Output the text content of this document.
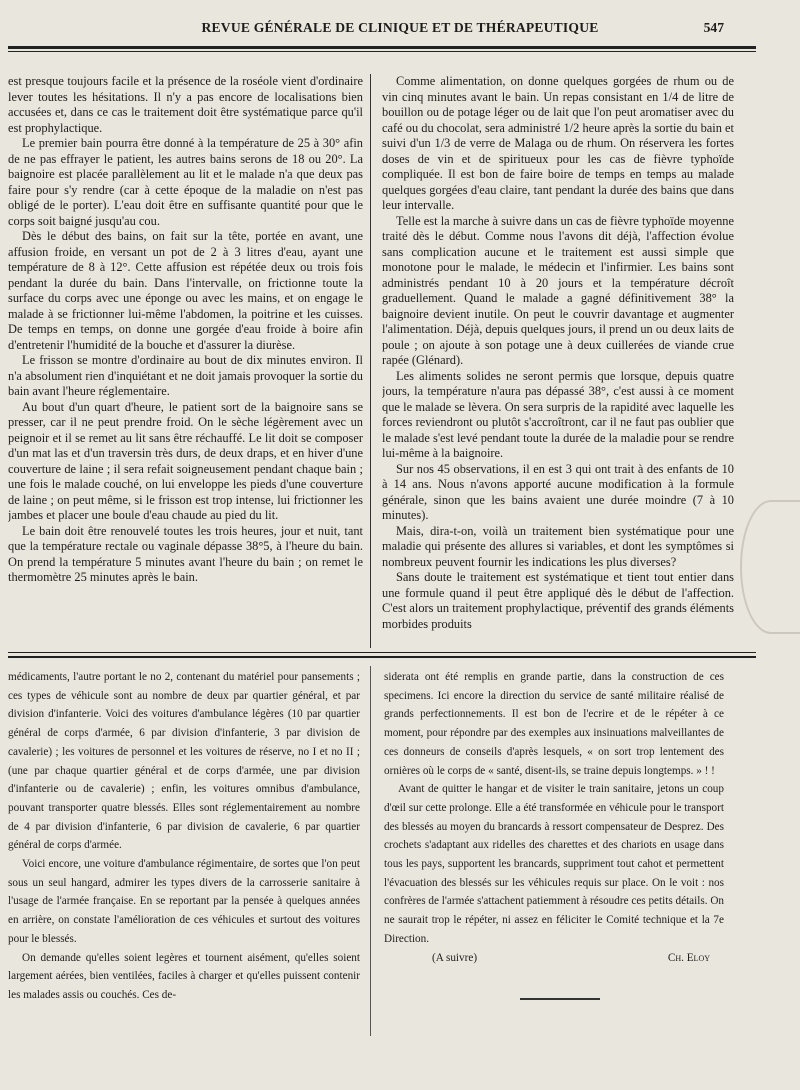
REVUE GÉNÉRALE DE CLINIQUE ET DE THÉRAPEUTIQUE	547

est presque toujours facile et la présence de la roséole vient d'ordinaire lever toutes les hésitations. Il n'y a pas encore de localisations bien accusées et, dans ce cas le traitement doit être systématique parce qu'il est prophylactique.

Le premier bain pourra être donné à la température de 25 à 30° afin de ne pas effrayer le patient, les autres bains serons de 18 ou 20°. La baignoire est placée parallèlement au lit et le malade n'a que deux pas faire pour s'y rendre (car à cette époque de la maladie on n'est pas obligé de le porter). L'eau doit être en suffisante quantité pour que le corps soit baigné jusqu'au cou.

Dès le début des bains, on fait sur la tête, portée en avant, une affusion froide, en versant un pot de 2 à 3 litres d'eau, ayant une température de 8 à 12°. Cette affusion est répétée deux ou trois fois pendant la durée du bain. Dans l'intervalle, on frictionne toute la surface du corps avec une éponge ou avec les mains, et on engage le malade à se frictionner lui-même l'abdomen, la poitrine et les cuisses. De temps en temps, on donne une gorgée d'eau froide à boire afin d'entretenir l'humidité de la bouche et d'assurer la diurèse.

Le frisson se montre d'ordinaire au bout de dix minutes environ. Il n'a absolument rien d'inquiétant et ne doit jamais provoquer la sortie du bain avant l'heure réglementaire.

Au bout d'un quart d'heure, le patient sort de la baignoire sans se presser, car il ne peut prendre froid. On le sèche légèrement avec un peignoir et il se remet au lit sans être réchauffé. Le lit doit se composer d'un mat las et d'un traversin très durs, de deux draps, et en hiver d'une couverture de laine ; il sera refait soigneusement pendant chaque bain ; une fois le malade couché, on lui enveloppe les pieds d'une couverture de laine ; on peut même, si le frisson est trop intense, lui frictionner les jambes et placer une boule d'eau chaude au pied du lit.

Le bain doit être renouvelé toutes les trois heures, jour et nuit, tant que la température rectale ou vaginale dépasse 38°5, à l'heure du bain. On prend la température 5 minutes avant l'heure du bain ; on remet le thermomètre 25 minutes après le bain.

Comme alimentation, on donne quelques gorgées de rhum ou de vin cinq minutes avant le bain. Un repas consistant en 1/4 de litre de bouillon ou de potage léger ou de lait que l'on peut aromatiser avec du café ou du chocolat, sera administré 1/2 heure après la sortie du bain et suivi d'un 1/3 de verre de Malaga ou de rhum. On réservera les fortes doses de vin et de spiritueux pour les cas de fièvre typhoïde compliquée. Il est bon de faire boire de temps en temps au malade quelques gorgées d'eau claire, tant pendant la durée des bains que dans leur intervalle.

Telle est la marche à suivre dans un cas de fièvre typhoïde moyenne traité dès le début. Comme nous l'avons dit déjà, l'affection évolue sans complication aucune et le traitement est aussi simple que monotone pour le malade, le médecin et l'infirmier. Les bains sont administrés pendant 10 à 20 jours et la température décroît graduellement. Quand le malade a gagné définitivement 38° la baignoire devient inutile. On peut le couvrir davantage et augmenter l'alimentation. Déjà, depuis quelques jours, il prend un ou deux laits de poule ; on ajoute à son potage une à deux cuillerées de viande crue rapée (Glénard).

Les aliments solides ne seront permis que lorsque, depuis quatre jours, la température n'aura pas dépassé 38°, c'est aussi à ce moment que le malade se lèvera. On sera surpris de la rapidité avec laquelle les forces reviendront ou plutôt s'accroîtront, car il ne faut pas oublier que le malade s'est levé pendant toute la durée de la maladie pour se rendre lui-même à la baignoire.

Sur nos 45 observations, il en est 3 qui ont trait à des enfants de 10 à 14 ans. Nous n'avons apporté aucune modification à la formule générale, sinon que les bains avaient une durée moindre (7 à 10 minutes).

Mais, dira-t-on, voilà un traitement bien systématique pour une maladie qui présente des allures si variables, et dont les symptômes si nombreux peuvent fournir les indications les plus diverses?

Sans doute le traitement est systématique et tient tout entier dans une formule quand il peut être appliqué dès le début de l'affection. C'est alors un traitement prophylactique, préventif des grands éléments morbides produits

médicaments, l'autre portant le no 2, contenant du matériel pour pansements ; ces types de véhicule sont au nombre de deux par quartier général, et par division d'infanterie. Voici des voitures d'ambulance légères (10 par quartier général de corps d'armée, 6 par division d'infanterie, 3 par division de cavalerie) ; les voitures de personnel et les voitures de réserve, no I et no II ; (une par chaque quartier général et de corps d'armée, une par division d'infanterie ou de cavalerie) ; enfin, les voitures omnibus d'ambulance, pouvant transporter quatre blessés. Elles sont réglementairement au nombre de 4 par division d'infanterie, 6 par division de cavalerie, 6 par quartier général de corps d'armée.

Voici encore, une voiture d'ambulance régimentaire, de sortes que l'on peut sous un seul hangard, admirer les types divers de la carrosserie sanitaire à l'usage de l'armée française. En se reportant par la pensée à quelques années en arrière, on constate l'amélioration de ces véhicules et surtout des voitures pour le blessés.

On demande qu'elles soient legères et tournent aisément, qu'elles soient largement aérées, bien ventilées, faciles à charger et qu'elles puissent contenir les malades assis ou couchés. Ces de-

siderata ont été remplis en grande partie, dans la construction de ces specimens. Ici encore la direction du service de santé militaire réalisé de grands perfectionnements. Il est bon de l'ecrire et de le répéter à ce moment, pour répondre par des exemples aux insinuations malveillantes de ces donneurs de conseils d'après lesquels, « on sort trop lentement des ornières où le corps de « santé, disent-ils, se traine depuis longtemps. » ! !

Avant de quitter le hangar et de visiter le train sanitaire, jetons un coup d'œil sur cette prolonge. Elle a été transformée en véhicule pour le transport des blessés au moyen du brancards à ressort compensateur de Desprez. Des crochets s'adaptant aux ridelles des charettes et des chariots en usage dans tous les pays, supportent les brancards, suppriment tout cahot et permettent l'évacuation des blessés sur les véhicules requis sur place. On le voit : nos confrères de l'armée s'attachent patiemment à résoudre ces petits détails. On ne saurait trop le répéter, ni assez en féliciter le Comité technique et la 7e Direction.

(A suivre)	Ch. Eloy
